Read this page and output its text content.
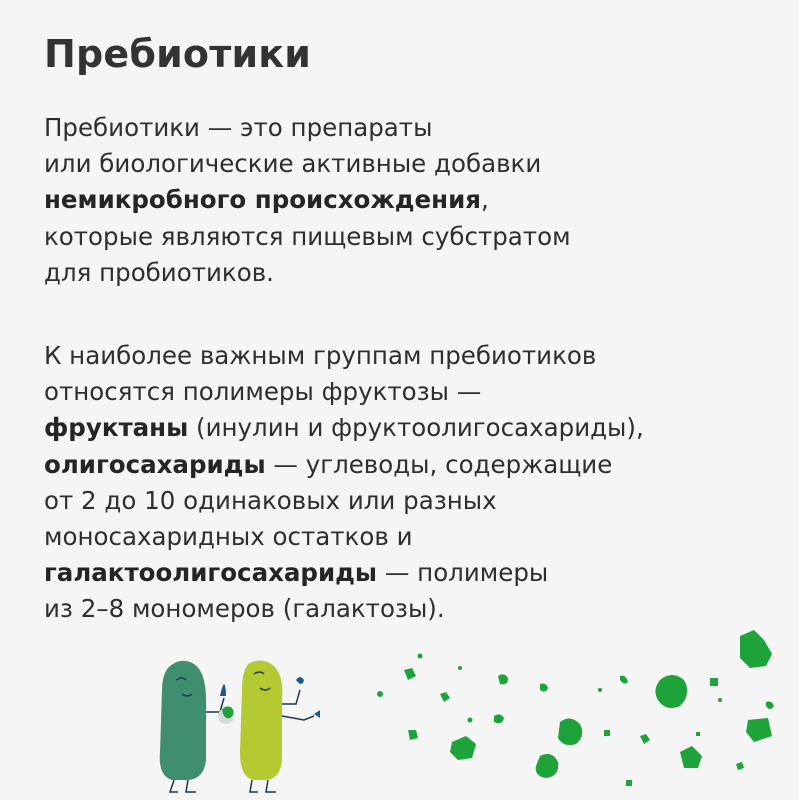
Пребиотики

Пребиотики — это препараты
или биологические активные добавки
немикробного происхождения,
которые являются пищевым субстратом
для пробиотиков.

К наиболее важным группам пребиотиков
относятся полимеры фруктозы —
фруктаны (инулин и фруктоолигосахариды),
олигосахариды — углеводы, содержащие
от 2 до 10 одинаковых или разных
моносахаридных остатков и
галактоолигосахариды — полимеры
из 2–8 мономеров (галактозы).
